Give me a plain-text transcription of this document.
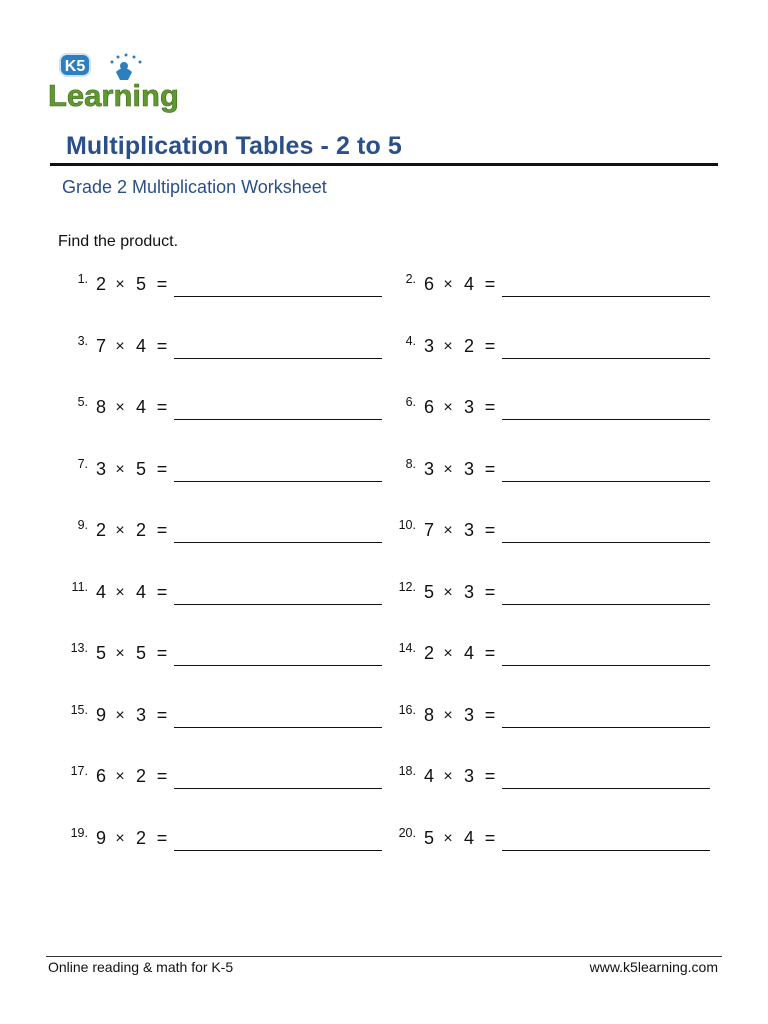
K5
Learning
Multiplication Tables - 2 to 5
Grade 2 Multiplication Worksheet
Find the product.
1. 2 × 5 =	2. 6 × 4 =
3. 7 × 4 =	4. 3 × 2 =
5. 8 × 4 =	6. 6 × 3 =
7. 3 × 5 =	8. 3 × 3 =
9. 2 × 2 =	10. 7 × 3 =
11. 4 × 4 =	12. 5 × 3 =
13. 5 × 5 =	14. 2 × 4 =
15. 9 × 3 =	16. 8 × 3 =
17. 6 × 2 =	18. 4 × 3 =
19. 9 × 2 =	20. 5 × 4 =
Online reading & math for K-5	www.k5learning.com
